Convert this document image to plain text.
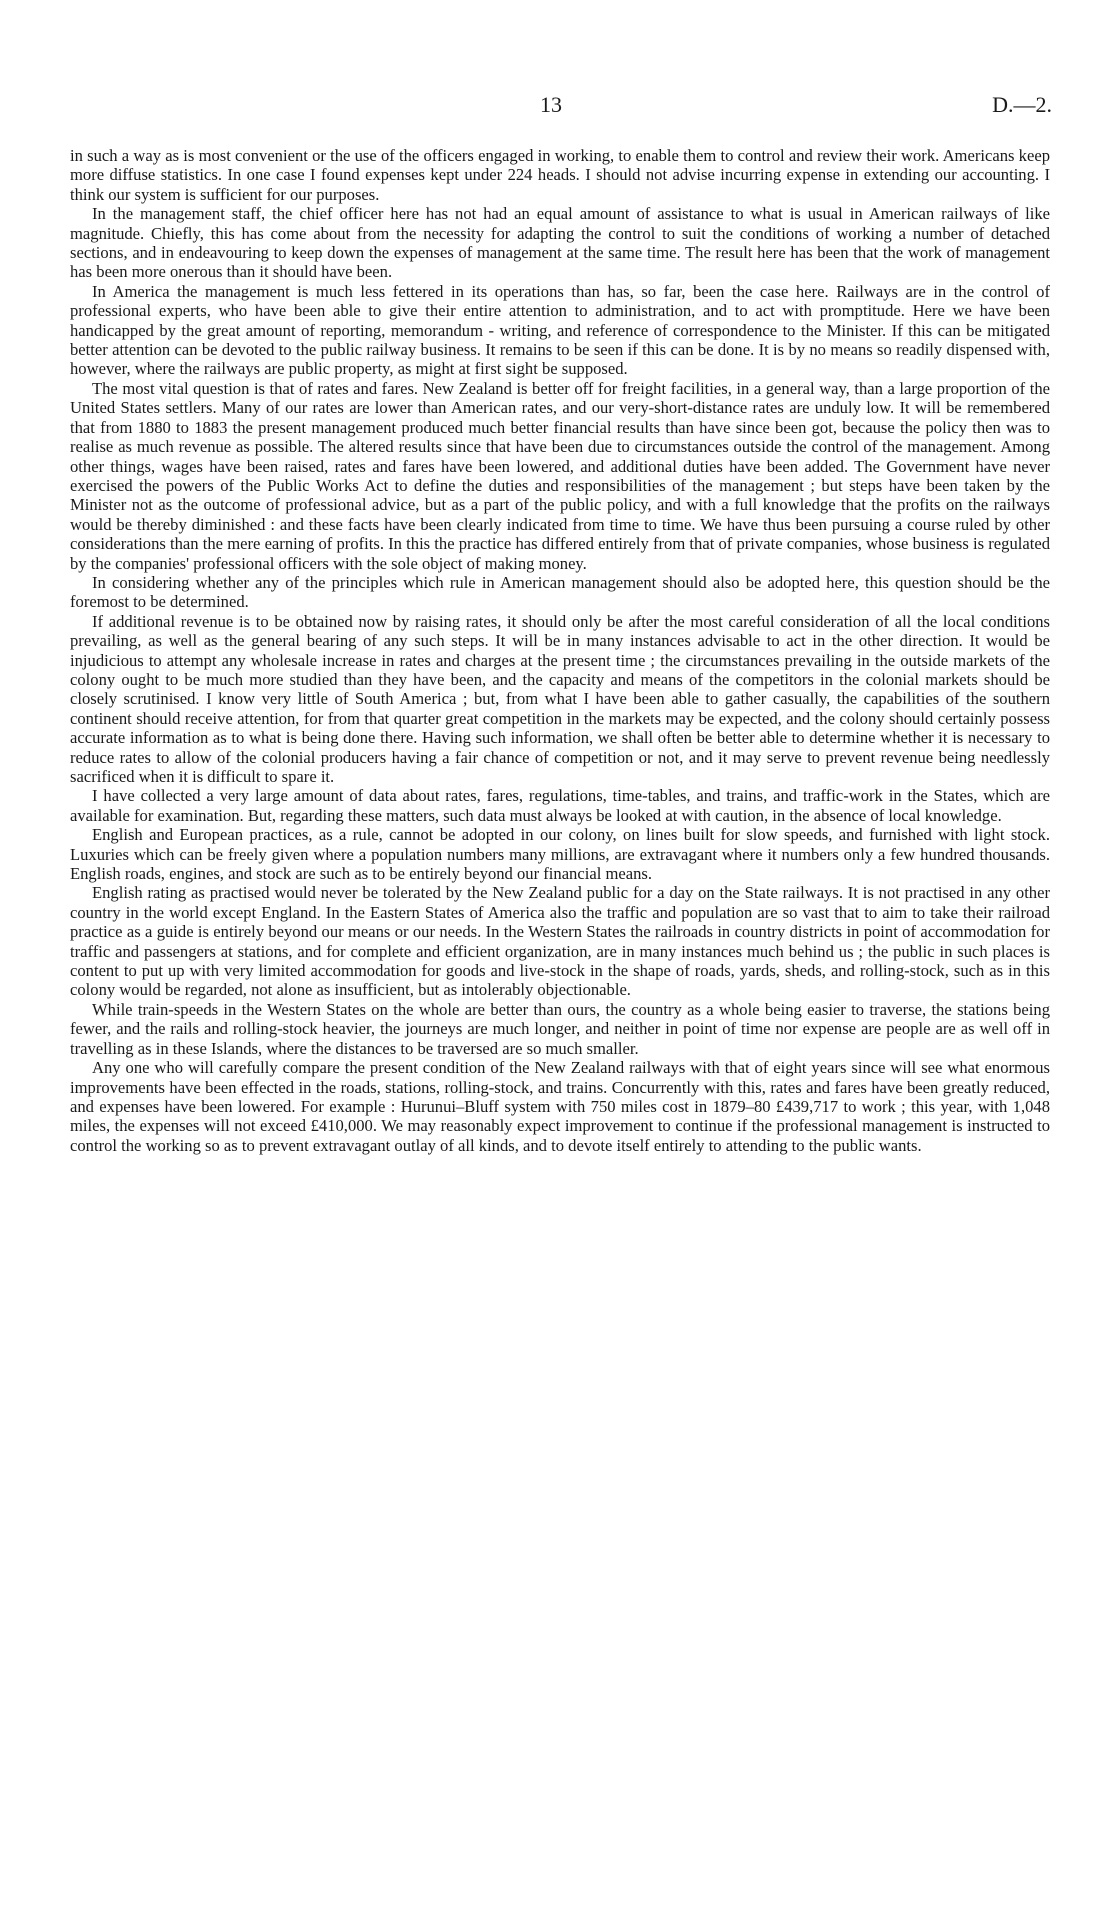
13	D.—2.

in such a way as is most convenient or the use of the officers engaged in working, to enable them to control and review their work. Americans keep more diffuse statistics. In one case I found expenses kept under 224 heads. I should not advise incurring expense in extending our accounting. I think our system is sufficient for our purposes.

In the management staff, the chief officer here has not had an equal amount of assistance to what is usual in American railways of like magnitude. Chiefly, this has come about from the necessity for adapting the control to suit the conditions of working a number of detached sections, and in endeavouring to keep down the expenses of management at the same time. The result here has been that the work of management has been more onerous than it should have been.

In America the management is much less fettered in its operations than has, so far, been the case here. Railways are in the control of professional experts, who have been able to give their entire attention to administration, and to act with promptitude. Here we have been handicapped by the great amount of reporting, memorandum - writing, and reference of correspondence to the Minister. If this can be mitigated better attention can be devoted to the public railway business. It remains to be seen if this can be done. It is by no means so readily dispensed with, however, where the railways are public property, as might at first sight be supposed.

The most vital question is that of rates and fares. New Zealand is better off for freight facilities, in a general way, than a large proportion of the United States settlers. Many of our rates are lower than American rates, and our very-short-distance rates are unduly low. It will be remembered that from 1880 to 1883 the present management produced much better financial results than have since been got, because the policy then was to realise as much revenue as possible. The altered results since that have been due to circumstances outside the control of the management. Among other things, wages have been raised, rates and fares have been lowered, and additional duties have been added. The Government have never exercised the powers of the Public Works Act to define the duties and responsibilities of the management ; but steps have been taken by the Minister not as the outcome of professional advice, but as a part of the public policy, and with a full knowledge that the profits on the railways would be thereby diminished : and these facts have been clearly indicated from time to time. We have thus been pursuing a course ruled by other considerations than the mere earning of profits. In this the practice has differed entirely from that of private companies, whose business is regulated by the companies' professional officers with the sole object of making money.

In considering whether any of the principles which rule in American management should also be adopted here, this question should be the foremost to be determined.

If additional revenue is to be obtained now by raising rates, it should only be after the most careful consideration of all the local conditions prevailing, as well as the general bearing of any such steps. It will be in many instances advisable to act in the other direction. It would be injudicious to attempt any wholesale increase in rates and charges at the present time ; the circumstances prevailing in the outside markets of the colony ought to be much more studied than they have been, and the capacity and means of the competitors in the colonial markets should be closely scrutinised. I know very little of South America ; but, from what I have been able to gather casually, the capabilities of the southern continent should receive attention, for from that quarter great competition in the markets may be expected, and the colony should certainly possess accurate information as to what is being done there. Having such information, we shall often be better able to determine whether it is necessary to reduce rates to allow of the colonial producers having a fair chance of competition or not, and it may serve to prevent revenue being needlessly sacrificed when it is difficult to spare it.

I have collected a very large amount of data about rates, fares, regulations, time-tables, and trains, and traffic-work in the States, which are available for examination. But, regarding these matters, such data must always be looked at with caution, in the absence of local knowledge.

English and European practices, as a rule, cannot be adopted in our colony, on lines built for slow speeds, and furnished with light stock. Luxuries which can be freely given where a population numbers many millions, are extravagant where it numbers only a few hundred thousands. English roads, engines, and stock are such as to be entirely beyond our financial means.

English rating as practised would never be tolerated by the New Zealand public for a day on the State railways. It is not practised in any other country in the world except England. In the Eastern States of America also the traffic and population are so vast that to aim to take their railroad practice as a guide is entirely beyond our means or our needs. In the Western States the railroads in country districts in point of accommodation for traffic and passengers at stations, and for complete and efficient organization, are in many instances much behind us ; the public in such places is content to put up with very limited accommodation for goods and live-stock in the shape of roads, yards, sheds, and rolling-stock, such as in this colony would be regarded, not alone as insufficient, but as intolerably objectionable.

While train-speeds in the Western States on the whole are better than ours, the country as a whole being easier to traverse, the stations being fewer, and the rails and rolling-stock heavier, the journeys are much longer, and neither in point of time nor expense are people are as well off in travelling as in these Islands, where the distances to be traversed are so much smaller.

Any one who will carefully compare the present condition of the New Zealand railways with that of eight years since will see what enormous improvements have been effected in the roads, stations, rolling-stock, and trains. Concurrently with this, rates and fares have been greatly reduced, and expenses have been lowered. For example : Hurunui–Bluff system with 750 miles cost in 1879–80 £439,717 to work ; this year, with 1,048 miles, the expenses will not exceed £410,000. We may reasonably expect improvement to continue if the professional management is instructed to control the working so as to prevent extravagant outlay of all kinds, and to devote itself entirely to attending to the public wants.
